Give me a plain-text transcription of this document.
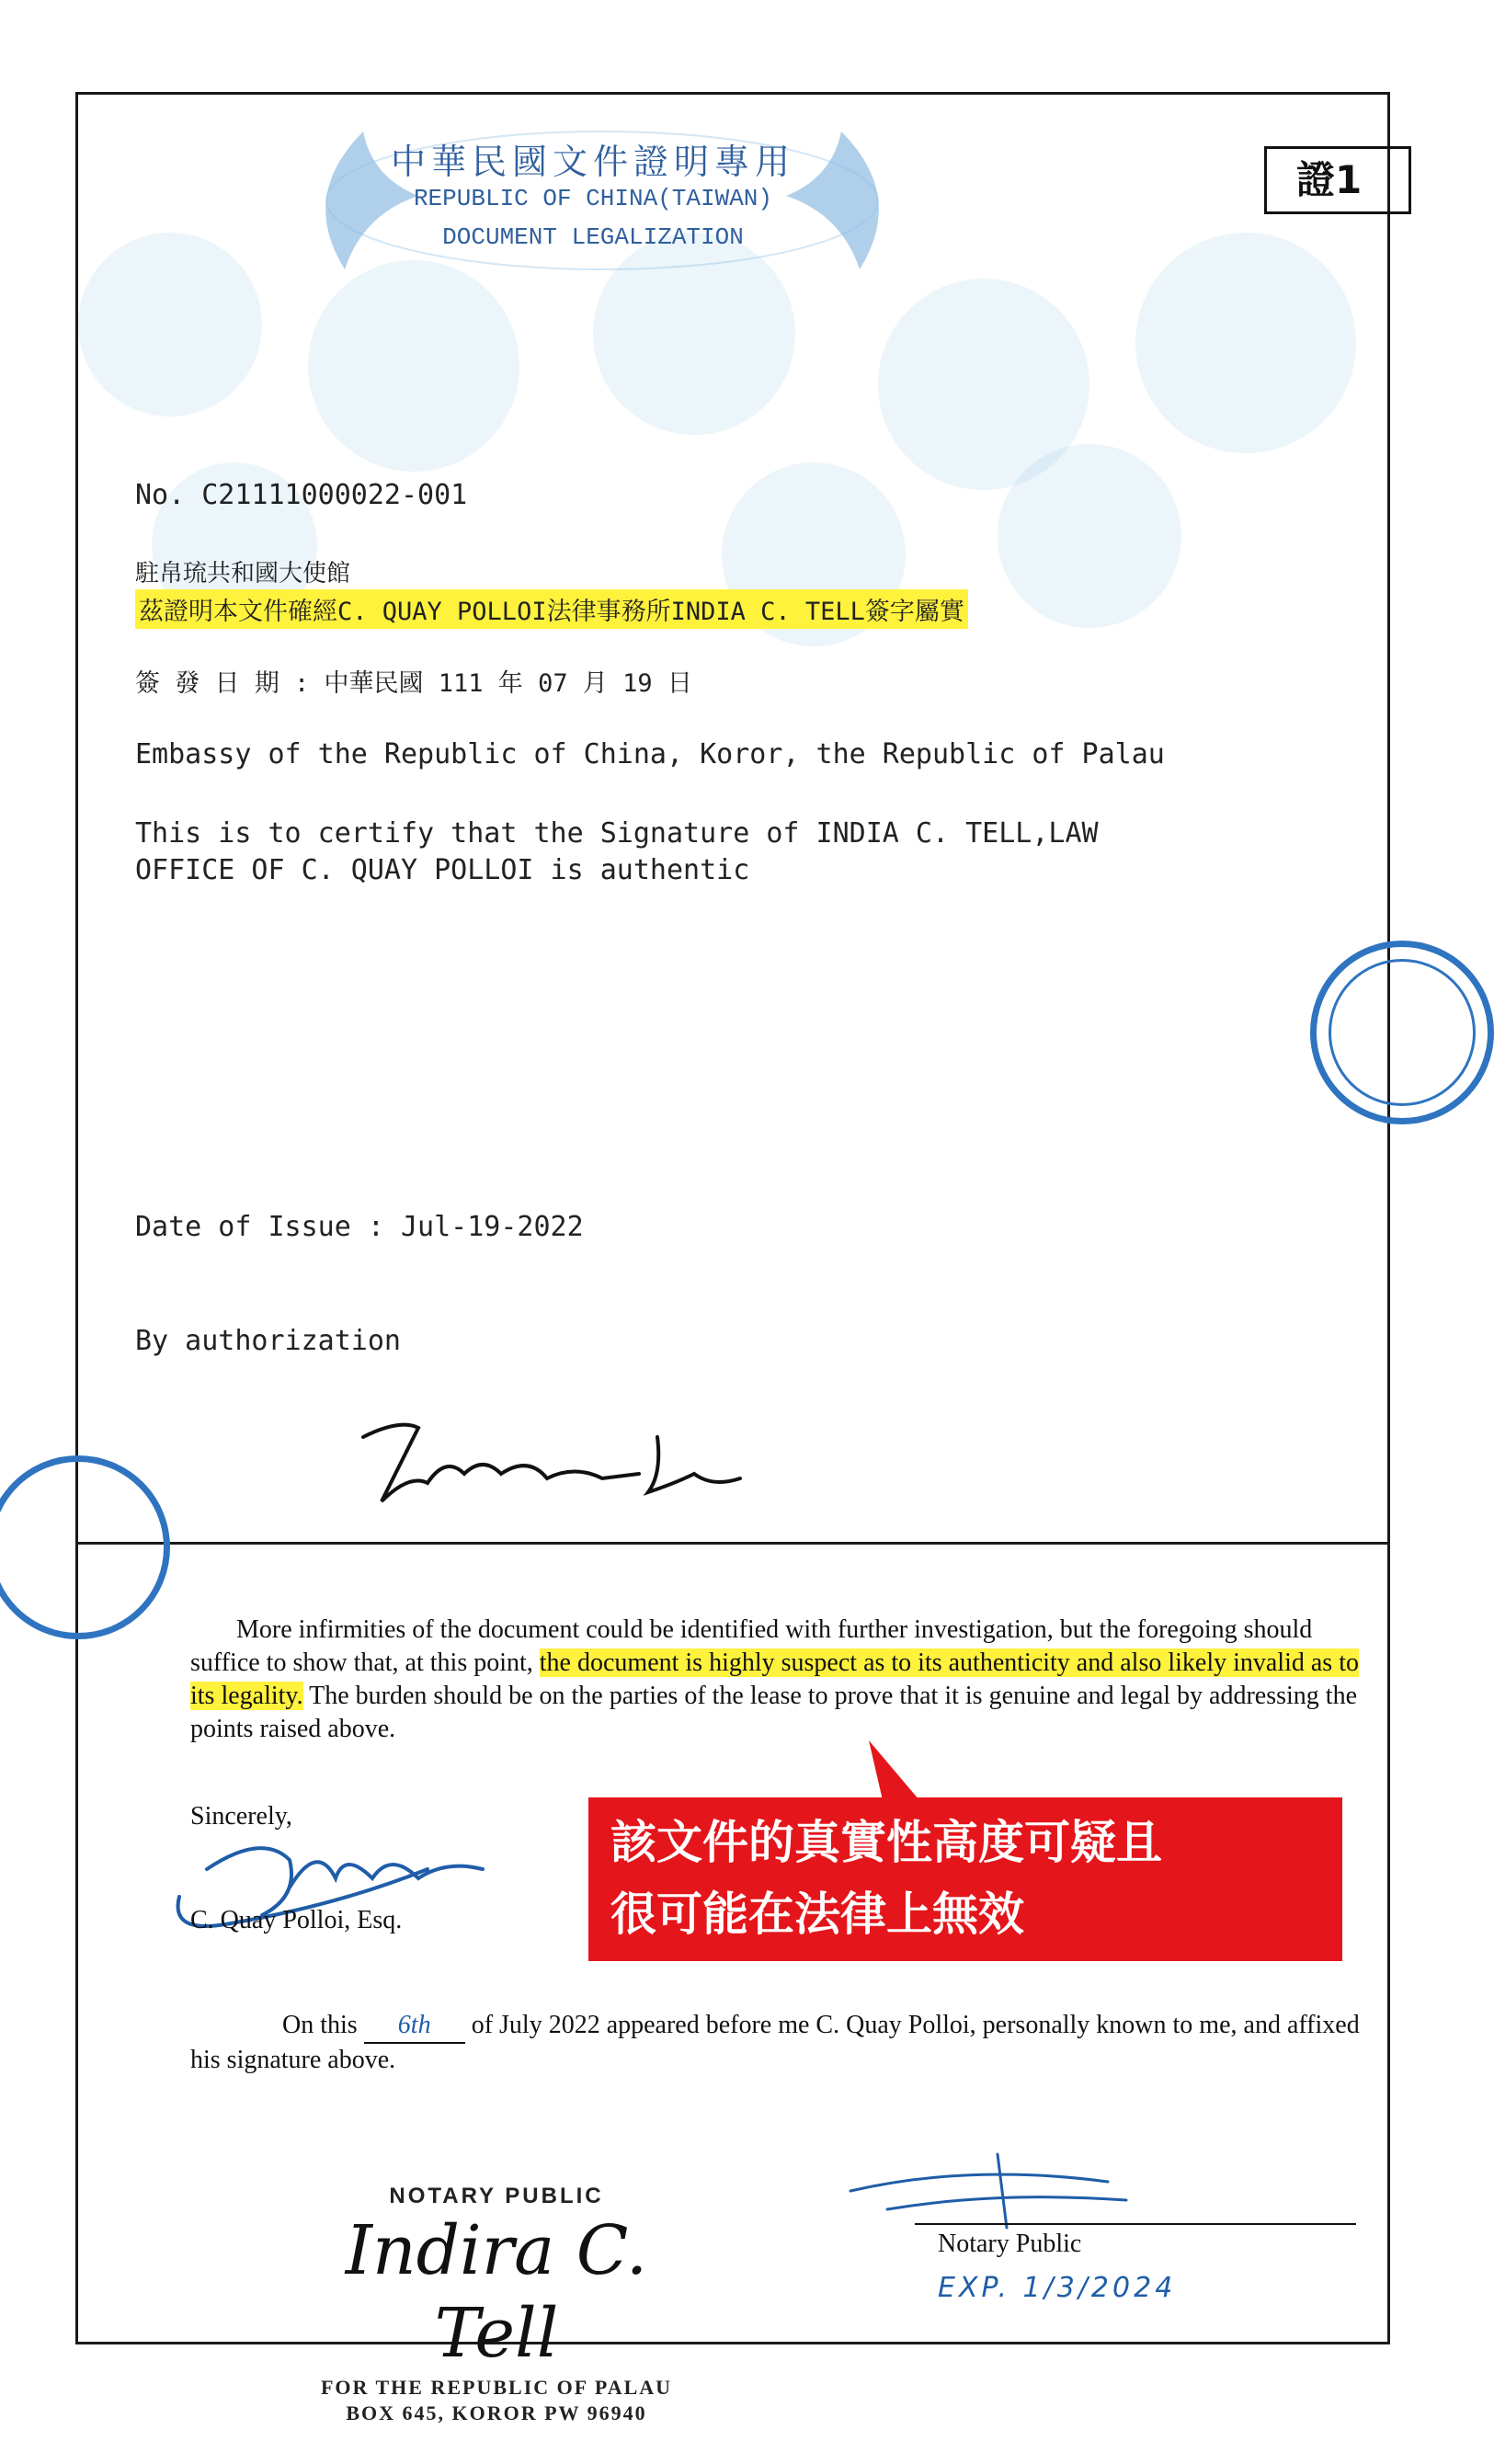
中華民國文件證明專用
REPUBLIC OF CHINA(TAIWAN)
DOCUMENT LEGALIZATION
證1
No. C21111000022-001
駐帛琉共和國大使館
茲證明本文件確經C. QUAY POLLOI法律事務所INDIA C. TELL簽字屬實
簽 發 日 期 : 中華民國 111 年 07 月 19 日
Embassy of the Republic of China, Koror, the Republic of Palau
This is to certify that the Signature of INDIA C. TELL,LAW
OFFICE OF C. QUAY POLLOI is authentic
Date of Issue : Jul-19-2022
By authorization
More infirmities of the document could be identified with further investigation, but the foregoing should suffice to show that, at this point, the document is highly suspect as to its authenticity and also likely invalid as to its legality. The burden should be on the parties of the lease to prove that it is genuine and legal by addressing the points raised above.
Sincerely,
C. Quay Polloi, Esq.
該文件的真實性高度可疑且
很可能在法律上無效
On this 6th of July 2022 appeared before me C. Quay Polloi, personally known to me, and affixed his signature above.
NOTARY PUBLIC
Indira C. Tell
FOR THE REPUBLIC OF PALAU
BOX 645, KOROR PW 96940
Notary Public
EXP. 1/3/2024
